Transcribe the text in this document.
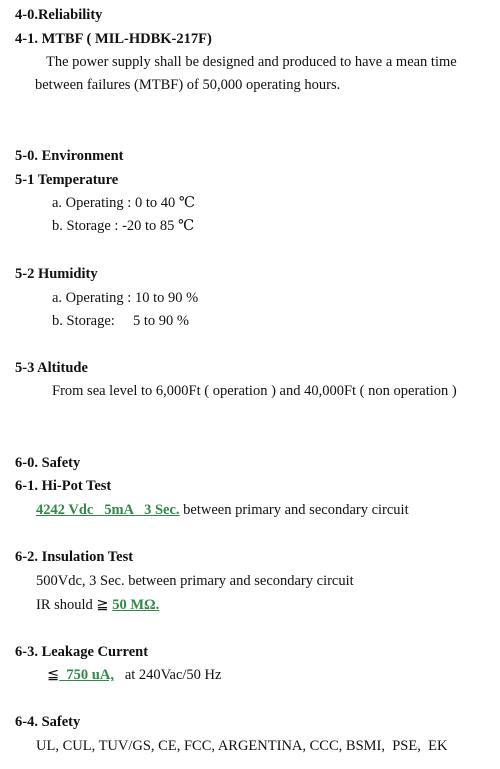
4-0.Reliability
4-1. MTBF ( MIL-HDBK-217F)
The power supply shall be designed and produced to have a mean time
between failures (MTBF) of 50,000 operating hours.
5-0. Environment
5-1 Temperature
a. Operating : 0 to 40 ℃
b. Storage : -20 to 85 ℃
5-2 Humidity
a. Operating : 10 to 90 %
b. Storage:     5 to 90 %
5-3 Altitude
From sea level to 6,000Ft ( operation ) and 40,000Ft ( non operation )
6-0. Safety
6-1. Hi-Pot Test
4242 Vdc   5mA   3 Sec. between primary and secondary circuit
6-2. Insulation Test
500Vdc, 3 Sec. between primary and secondary circuit
IR should ≧ 50 MΩ.
6-3. Leakage Current
≦  750 uA,   at 240Vac/50 Hz
6-4. Safety
UL, CUL, TUV/GS, CE, FCC, ARGENTINA, CCC, BSMI,  PSE,  EK
